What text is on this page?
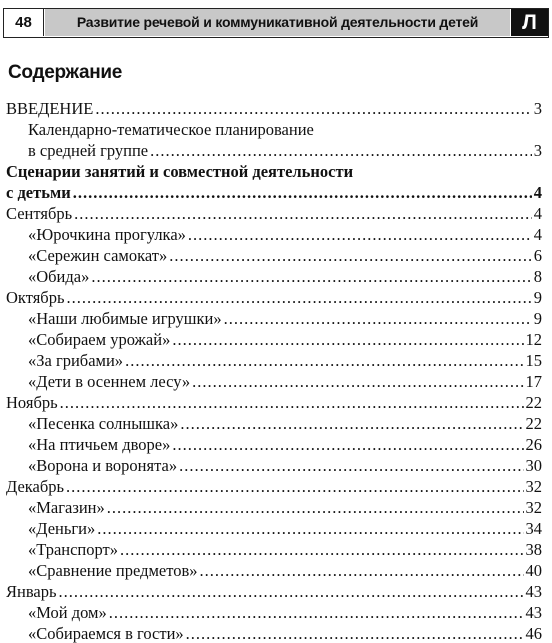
48	Развитие речевой и коммуникативной деятельности детей	Л
Содержание
ВВЕДЕНИЕ .....	3
Календарно-тематическое планирование
в средней группе .....	3
Сценарии занятий и совместной деятельности
с детьми .....	4
Сентябрь .....	4
«Юрочкина прогулка» .....	4
«Сережин самокат» .....	6
«Обида» .....	8
Октябрь .....	9
«Наши любимые игрушки» .....	9
«Собираем урожай» .....	12
«За грибами» .....	15
«Дети в осеннем лесу» .....	17
Ноябрь .....	22
«Песенка солнышка» .....	22
«На птичьем дворе» .....	26
«Ворона и воронята» .....	30
Декабрь .....	32
«Магазин» .....	32
«Деньги» .....	34
«Транспорт» .....	38
«Сравнение предметов» .....	40
Январь .....	43
«Мой дом» .....	43
«Собираемся в гости» .....	46
